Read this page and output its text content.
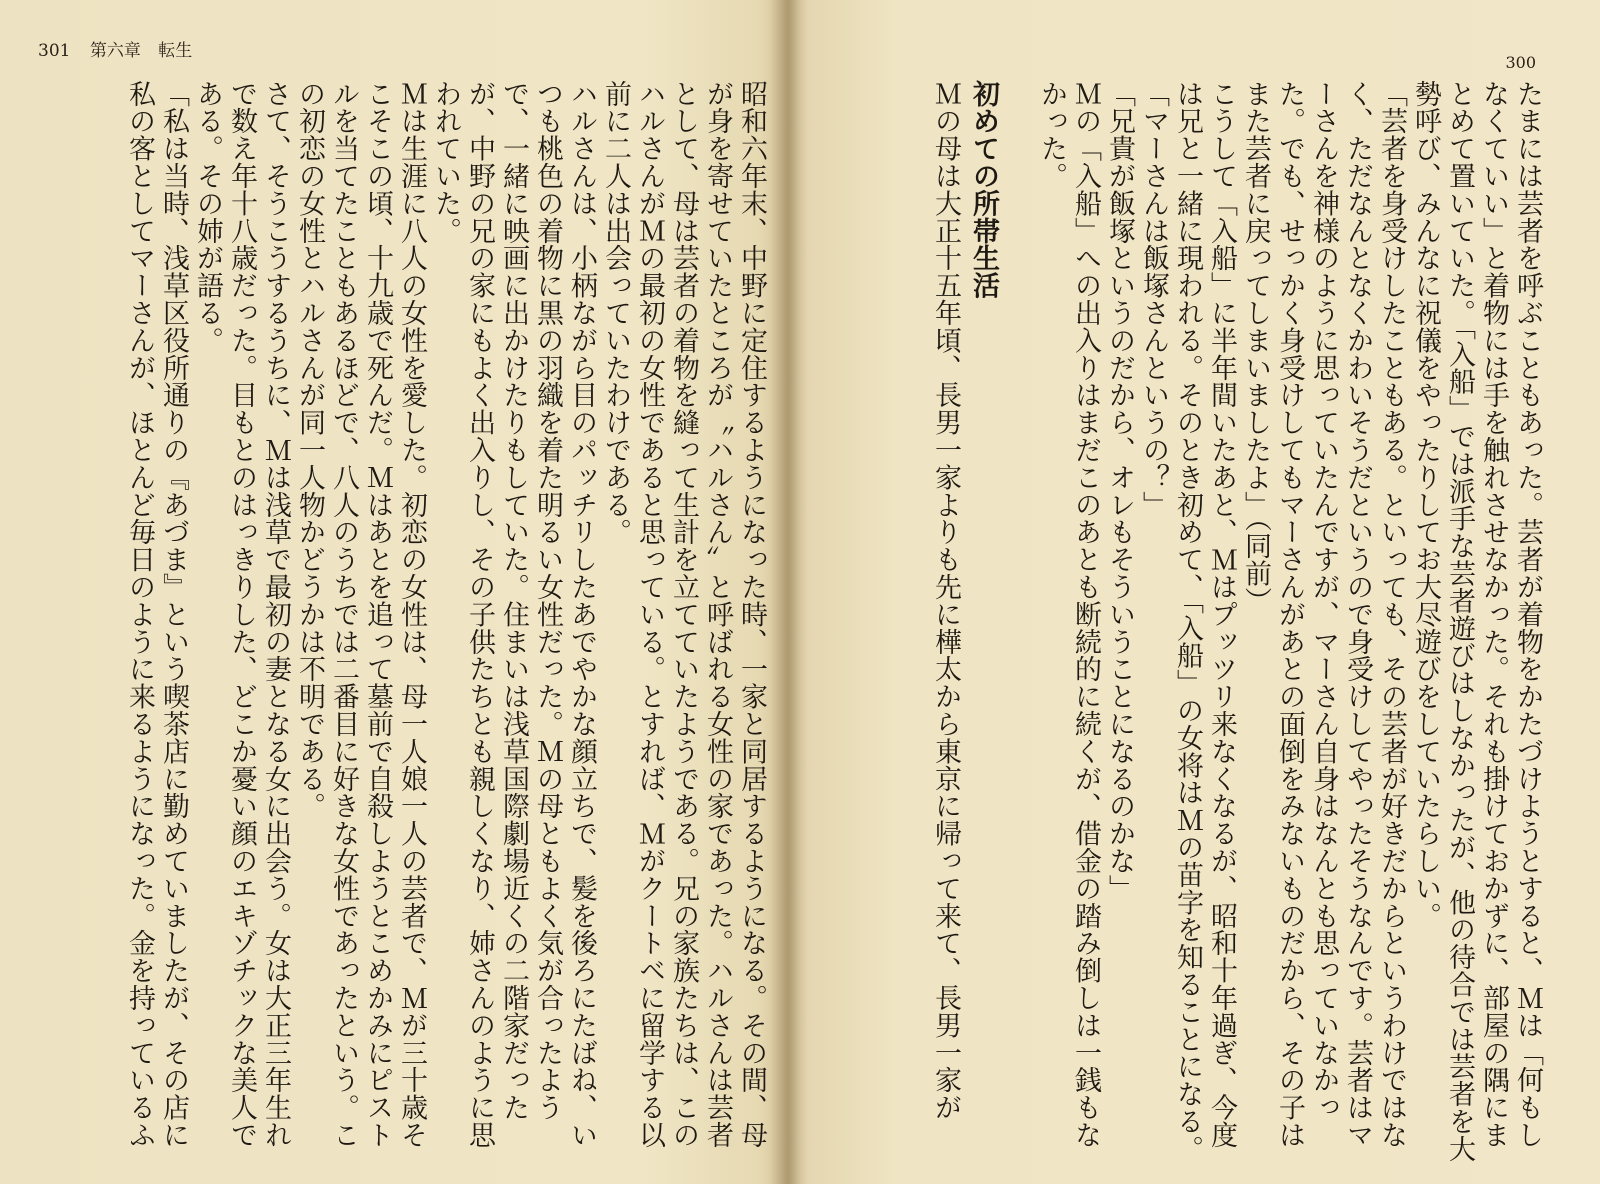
301 第六章 転生

昭和六年末、中野に定住するようになった時、一家と同居するようになる。その間、母が身を寄せていたところが〝ハルさん〟と呼ばれる女性の家であった。ハルさんは芸者として、母は芸者の着物を縫って生計を立てていたようである。兄の家族たちは、このハルさんがＭの最初の女性であると思っている。とすれば、Ｍがクートベに留学する以前に二人は出会っていたわけである。

ハルさんは、小柄ながら目のパッチリしたあでやかな顔立ちで、髪を後ろにたばね、いつも桃色の着物に黒の羽織を着た明るい女性だった。Ｍの母ともよく気が合ったようで、一緒に映画に出かけたりもしていた。住まいは浅草国際劇場近くの二階家だったが、中野の兄の家にもよく出入りし、その子供たちとも親しくなり、姉さんのように思われていた。

Ｍは生涯に八人の女性を愛した。初恋の女性は、母一人娘一人の芸者で、Ｍが三十歳そこそこの頃、十九歳で死んだ。Ｍはあとを追って墓前で自殺しようとこめかみにピストルを当てたこともあるほどで、八人のうちでは二番目に好きな女性であったという。この初恋の女性とハルさんが同一人物かどうかは不明である。

さて、そうこうするうちに、Ｍは浅草で最初の妻となる女に出会う。女は大正三年生れで数え年十八歳だった。目もとのはっきりした、どこか憂い顔のエキゾチックな美人である。その姉が語る。

「私は当時、浅草区役所通りの『あづま』という喫茶店に勤めていましたが、その店に私の客としてマーさんが、ほとんど毎日のように来るようになった。金を持っているふ

300

たまには芸者を呼ぶこともあった。芸者が着物をかたづけようとすると、Ｍは「何もしなくていい」と着物には手を触れさせなかった。それも掛けておかずに、部屋の隅にまとめて置いていた。「入船」では派手な芸者遊びはしなかったが、他の待合では芸者を大勢呼び、みんなに祝儀をやったりしてお大尽遊びをしていたらしい。

「芸者を身受けしたこともある。といっても、その芸者が好きだからというわけではなく、ただなんとなくかわいそうだというので身受けしてやったそうなんです。芸者はマーさんを神様のように思っていたんですが、マーさん自身はなんとも思っていなかった。でも、せっかく身受けしてもマーさんがあとの面倒をみないものだから、その子はまた芸者に戻ってしまいましたよ」（同前）

こうして「入船」に半年間いたあと、Ｍはプッツリ来なくなるが、昭和十年過ぎ、今度は兄と一緒に現われる。そのとき初めて、「入船」の女将はＭの苗字を知ることになる。

「マーさんは飯塚さんというの？」

「兄貴が飯塚というのだから、オレもそういうことになるのかな」

Ｍの「入船」への出入りはまだこのあとも断続的に続くが、借金の踏み倒しは一銭もなかった。

初めての所帯生活

Ｍの母は大正十五年頃、長男一家よりも先に樺太から東京に帰って来て、長男一家が
